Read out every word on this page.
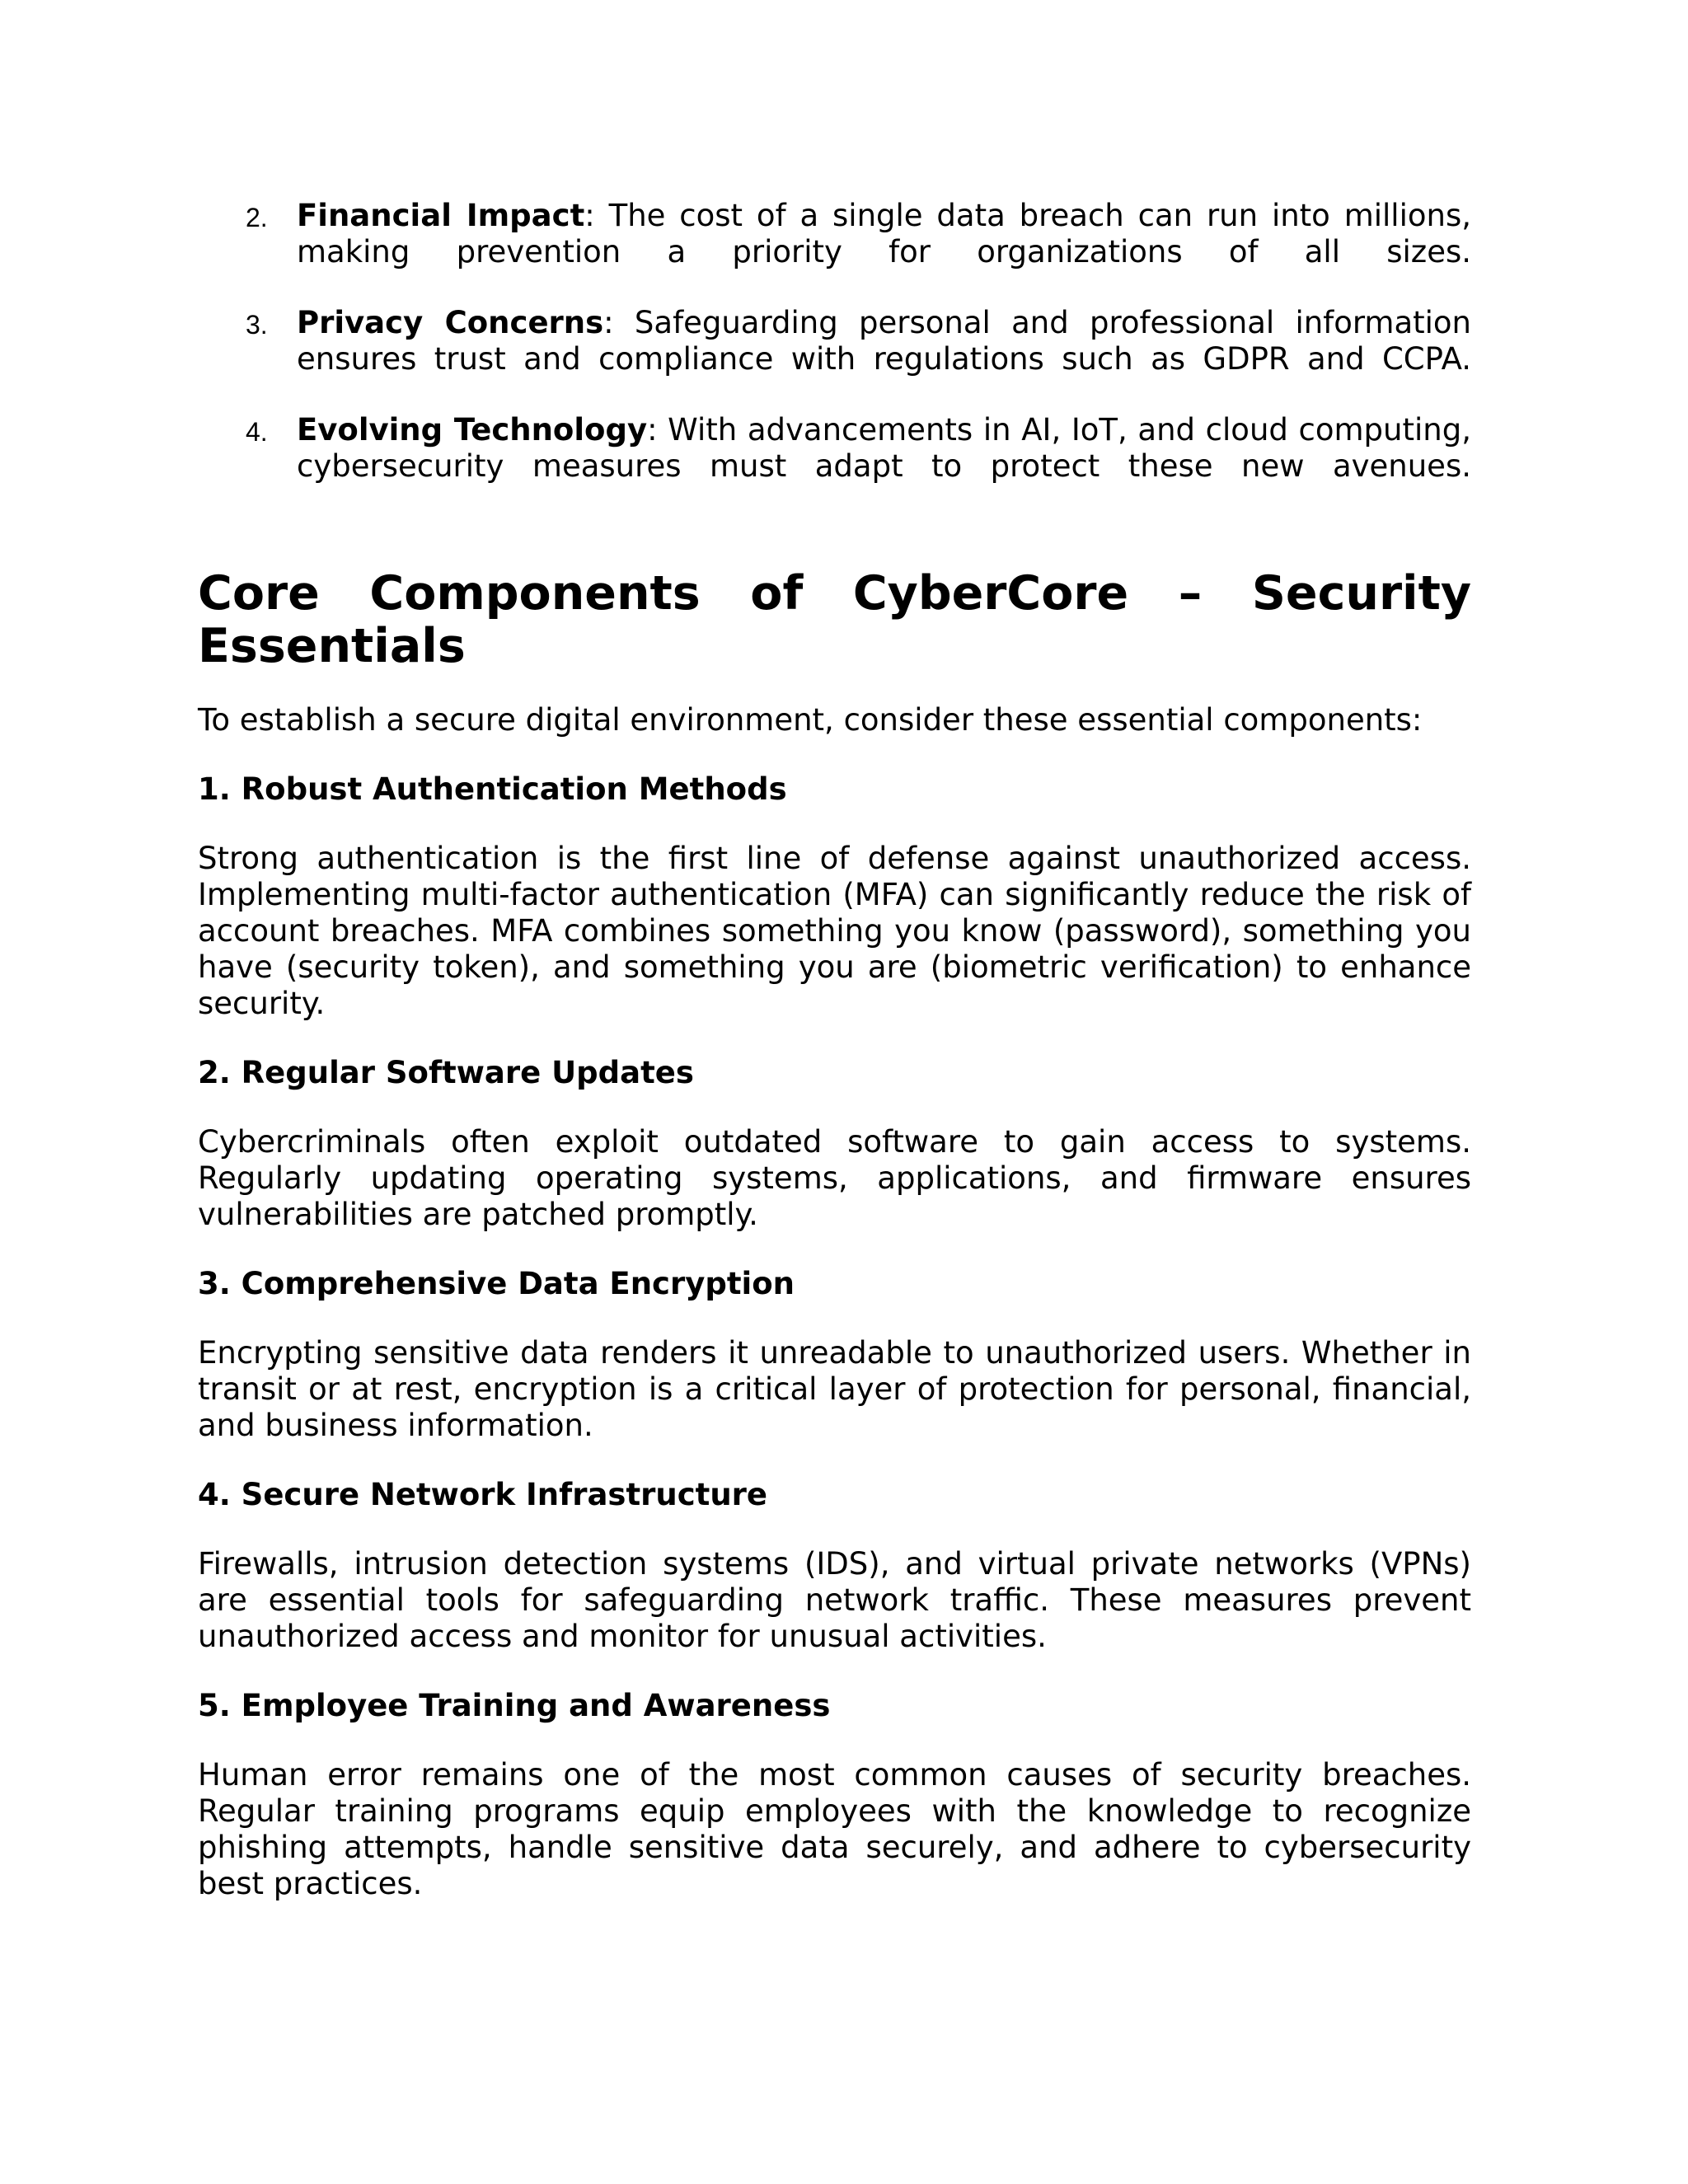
2. Financial Impact: The cost of a single data breach can run into millions, making prevention a priority for organizations of all sizes.
3. Privacy Concerns: Safeguarding personal and professional information ensures trust and compliance with regulations such as GDPR and CCPA.
4. Evolving Technology: With advancements in AI, IoT, and cloud computing, cybersecurity measures must adapt to protect these new avenues.
Core Components of CyberCore – Security Essentials

To establish a secure digital environment, consider these essential components:

1. Robust Authentication Methods

Strong authentication is the first line of defense against unauthorized access. Implementing multi-factor authentication (MFA) can significantly reduce the risk of account breaches. MFA combines something you know (password), something you have (security token), and something you are (biometric verification) to enhance security.

2. Regular Software Updates

Cybercriminals often exploit outdated software to gain access to systems. Regularly updating operating systems, applications, and firmware ensures vulnerabilities are patched promptly.

3. Comprehensive Data Encryption

Encrypting sensitive data renders it unreadable to unauthorized users. Whether in transit or at rest, encryption is a critical layer of protection for personal, financial, and business information.

4. Secure Network Infrastructure

Firewalls, intrusion detection systems (IDS), and virtual private networks (VPNs) are essential tools for safeguarding network traffic. These measures prevent unauthorized access and monitor for unusual activities.

5. Employee Training and Awareness

Human error remains one of the most common causes of security breaches. Regular training programs equip employees with the knowledge to recognize phishing attempts, handle sensitive data securely, and adhere to cybersecurity best practices.
